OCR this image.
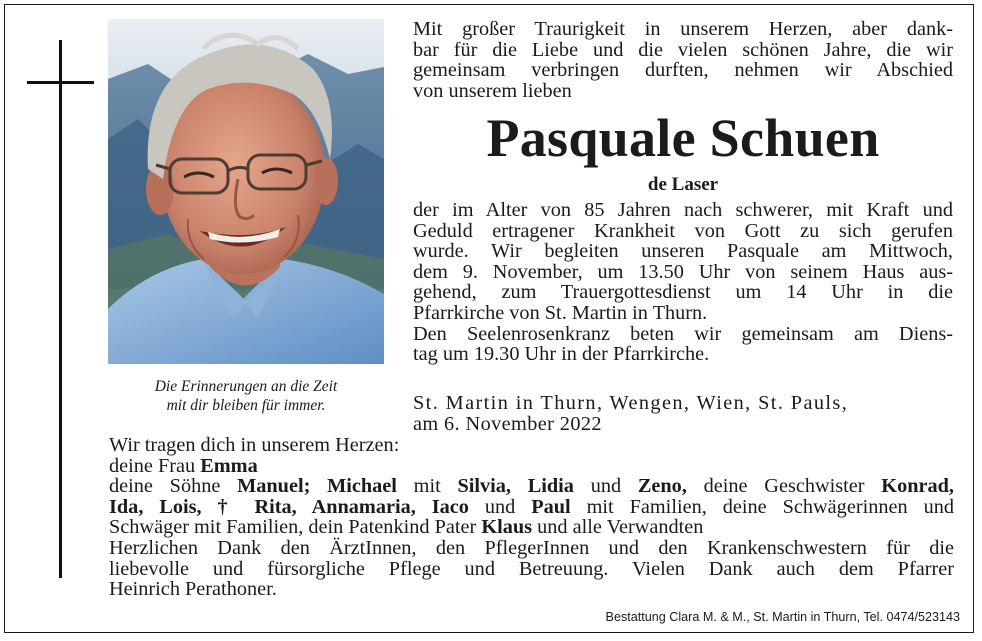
Die Erinnerungen an die Zeit
mit dir bleiben für immer.

Mit großer Traurigkeit in unserem Herzen, aber dank-

bar für die Liebe und die vielen schönen Jahre, die wir

gemeinsam verbringen durften, nehmen wir Abschied

von unserem lieben

Pasquale Schuen
de Laser

der im Alter von 85 Jahren nach schwerer, mit Kraft und

Geduld ertragener Krankheit von Gott zu sich gerufen

wurde. Wir begleiten unseren Pasquale am Mittwoch,

dem 9. November, um 13.50 Uhr von seinem Haus aus-

gehend, zum Trauergottesdienst um 14 Uhr in die

Pfarrkirche von St. Martin in Thurn.

Den Seelenrosenkranz beten wir gemeinsam am Diens-

tag um 19.30 Uhr in der Pfarrkirche.

St. Martin in Thurn, Wengen, Wien, St. Pauls,

am 6. November 2022

Wir tragen dich in unserem Herzen:

deine Frau Emma

deine Söhne Manuel; Michael mit Silvia, Lidia und Zeno, deine Geschwister Konrad,

Ida, Lois, † Rita, Annamaria, Iaco und Paul mit Familien, deine Schwägerinnen und

Schwäger mit Familien, dein Patenkind Pater Klaus und alle Verwandten

Herzlichen Dank den ÄrztInnen, den PflegerInnen und den Krankenschwestern für die

liebevolle und fürsorgliche Pflege und Betreuung. Vielen Dank auch dem Pfarrer

Heinrich Perathoner.

Bestattung Clara M. & M., St. Martin in Thurn, Tel. 0474/523143
